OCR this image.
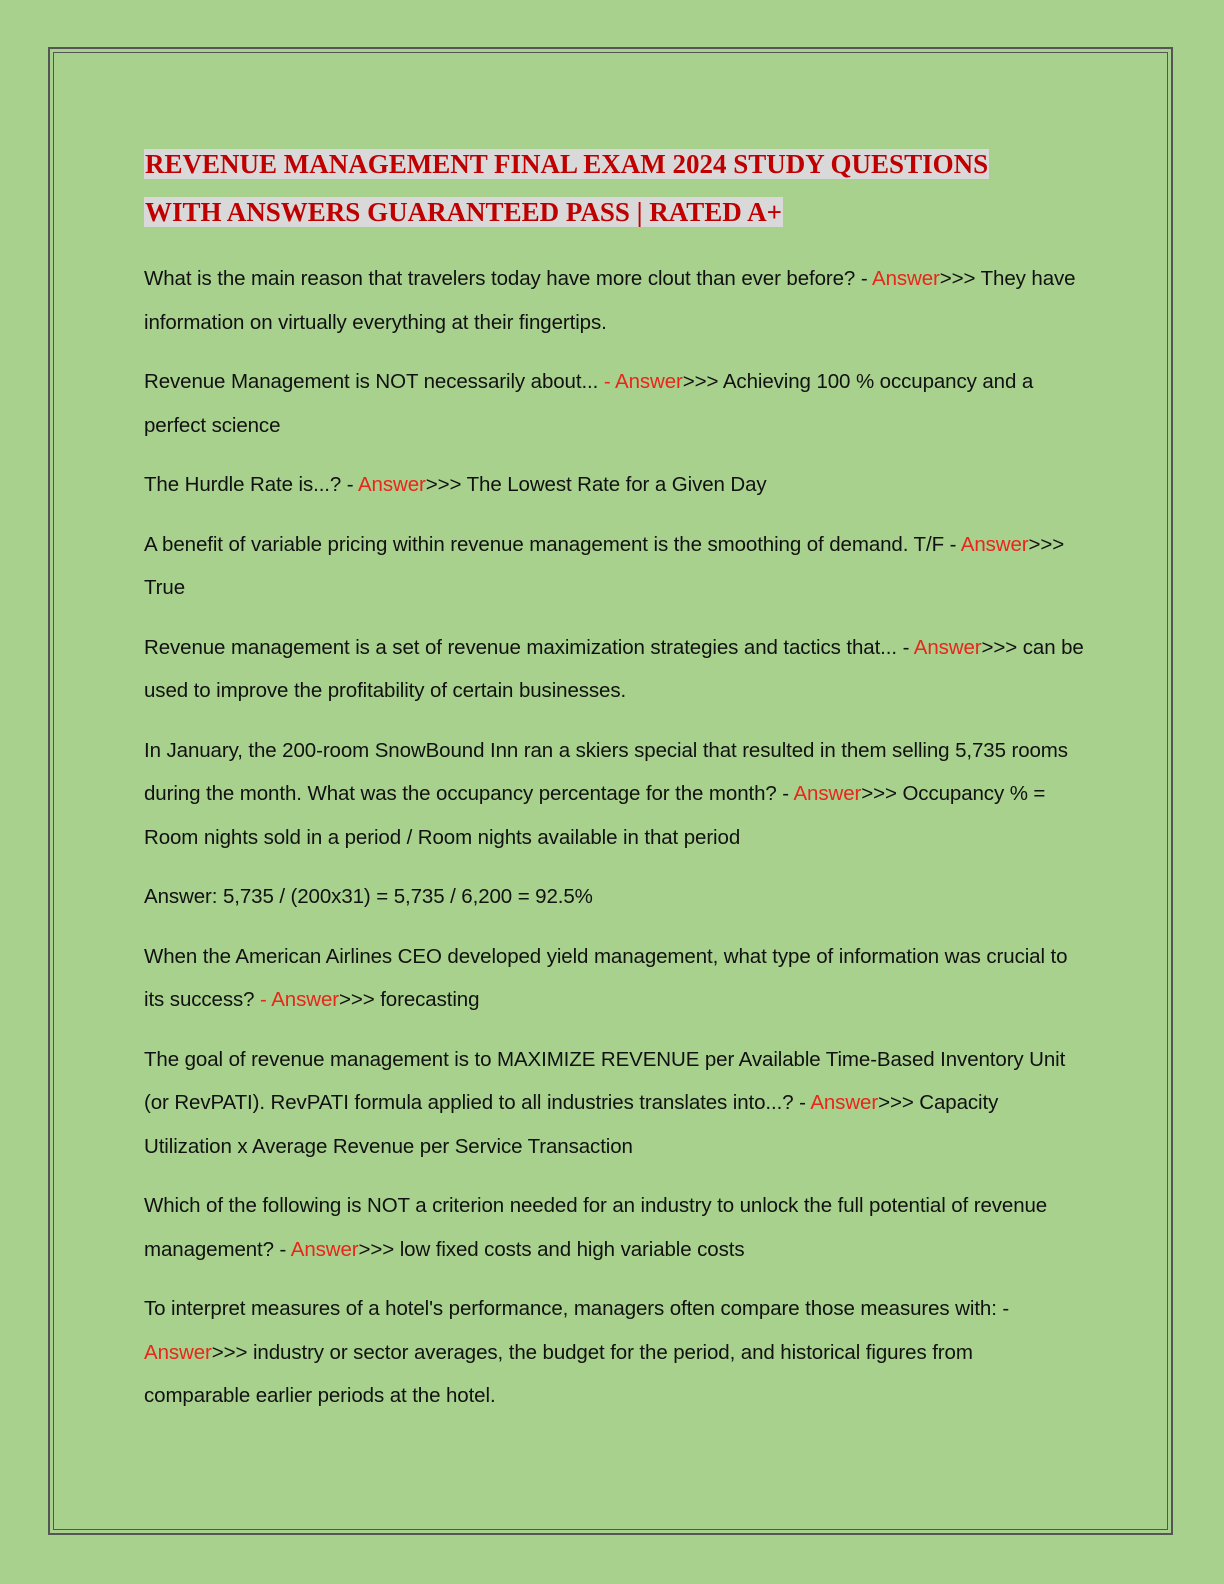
REVENUE MANAGEMENT FINAL EXAM 2024 STUDY QUESTIONS
WITH ANSWERS GUARANTEED PASS | RATED A+

What is the main reason that travelers today have more clout than ever before? - Answer>>> They have information on virtually everything at their fingertips.

Revenue Management is NOT necessarily about... - Answer>>> Achieving 100 % occupancy and a perfect science

The Hurdle Rate is...? - Answer>>> The Lowest Rate for a Given Day

A benefit of variable pricing within revenue management is the smoothing of demand. T/F - Answer>>> True

Revenue management is a set of revenue maximization strategies and tactics that... - Answer>>> can be used to improve the profitability of certain businesses.

In January, the 200-room SnowBound Inn ran a skiers special that resulted in them selling 5,735 rooms during the month. What was the occupancy percentage for the month? - Answer>>> Occupancy % = Room nights sold in a period / Room nights available in that period

Answer: 5,735 / (200x31) = 5,735 / 6,200 = 92.5%

When the American Airlines CEO developed yield management, what type of information was crucial to its success? - Answer>>> forecasting

The goal of revenue management is to MAXIMIZE REVENUE per Available Time-Based Inventory Unit (or RevPATI). RevPATI formula applied to all industries translates into...? - Answer>>> Capacity Utilization x Average Revenue per Service Transaction

Which of the following is NOT a criterion needed for an industry to unlock the full potential of revenue management? - Answer>>> low fixed costs and high variable costs

To interpret measures of a hotel's performance, managers often compare those measures with: - Answer>>> industry or sector averages, the budget for the period, and historical figures from comparable earlier periods at the hotel.
